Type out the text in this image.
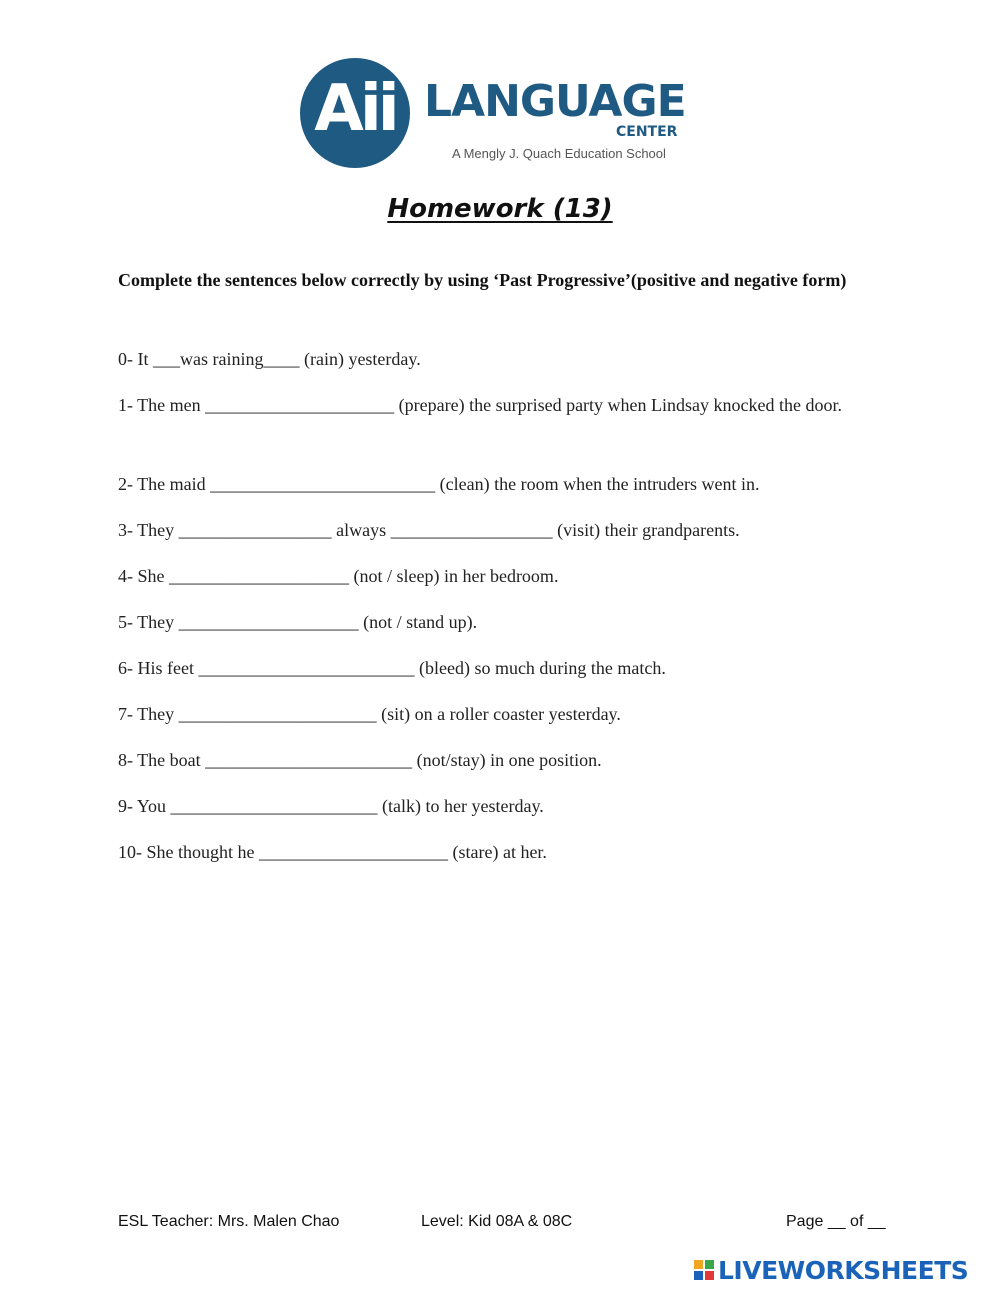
Aii LANGUAGE
CENTER
A Mengly J. Quach Education School
Homework (13)
Complete the sentences below correctly by using ‘Past Progressive’(positive and negative form)
0- It ___was raining____ (rain) yesterday.
1- The men _____________________ (prepare) the surprised party when Lindsay knocked the door.
2- The maid _________________________ (clean) the room when the intruders went in.
3- They _________________ always __________________ (visit) their grandparents.
4- She ____________________ (not / sleep) in her bedroom.
5- They ____________________ (not / stand up).
6- His feet ________________________ (bleed) so much during the match.
7- They ______________________ (sit) on a roller coaster yesterday.
8- The boat _______________________ (not/stay) in one position.
9- You _______________________ (talk) to her yesterday.
10- She thought he _____________________ (stare) at her.
ESL Teacher: Mrs. Malen Chao	Level: Kid 08A & 08C	Page __ of __
LIVEWORKSHEETS
